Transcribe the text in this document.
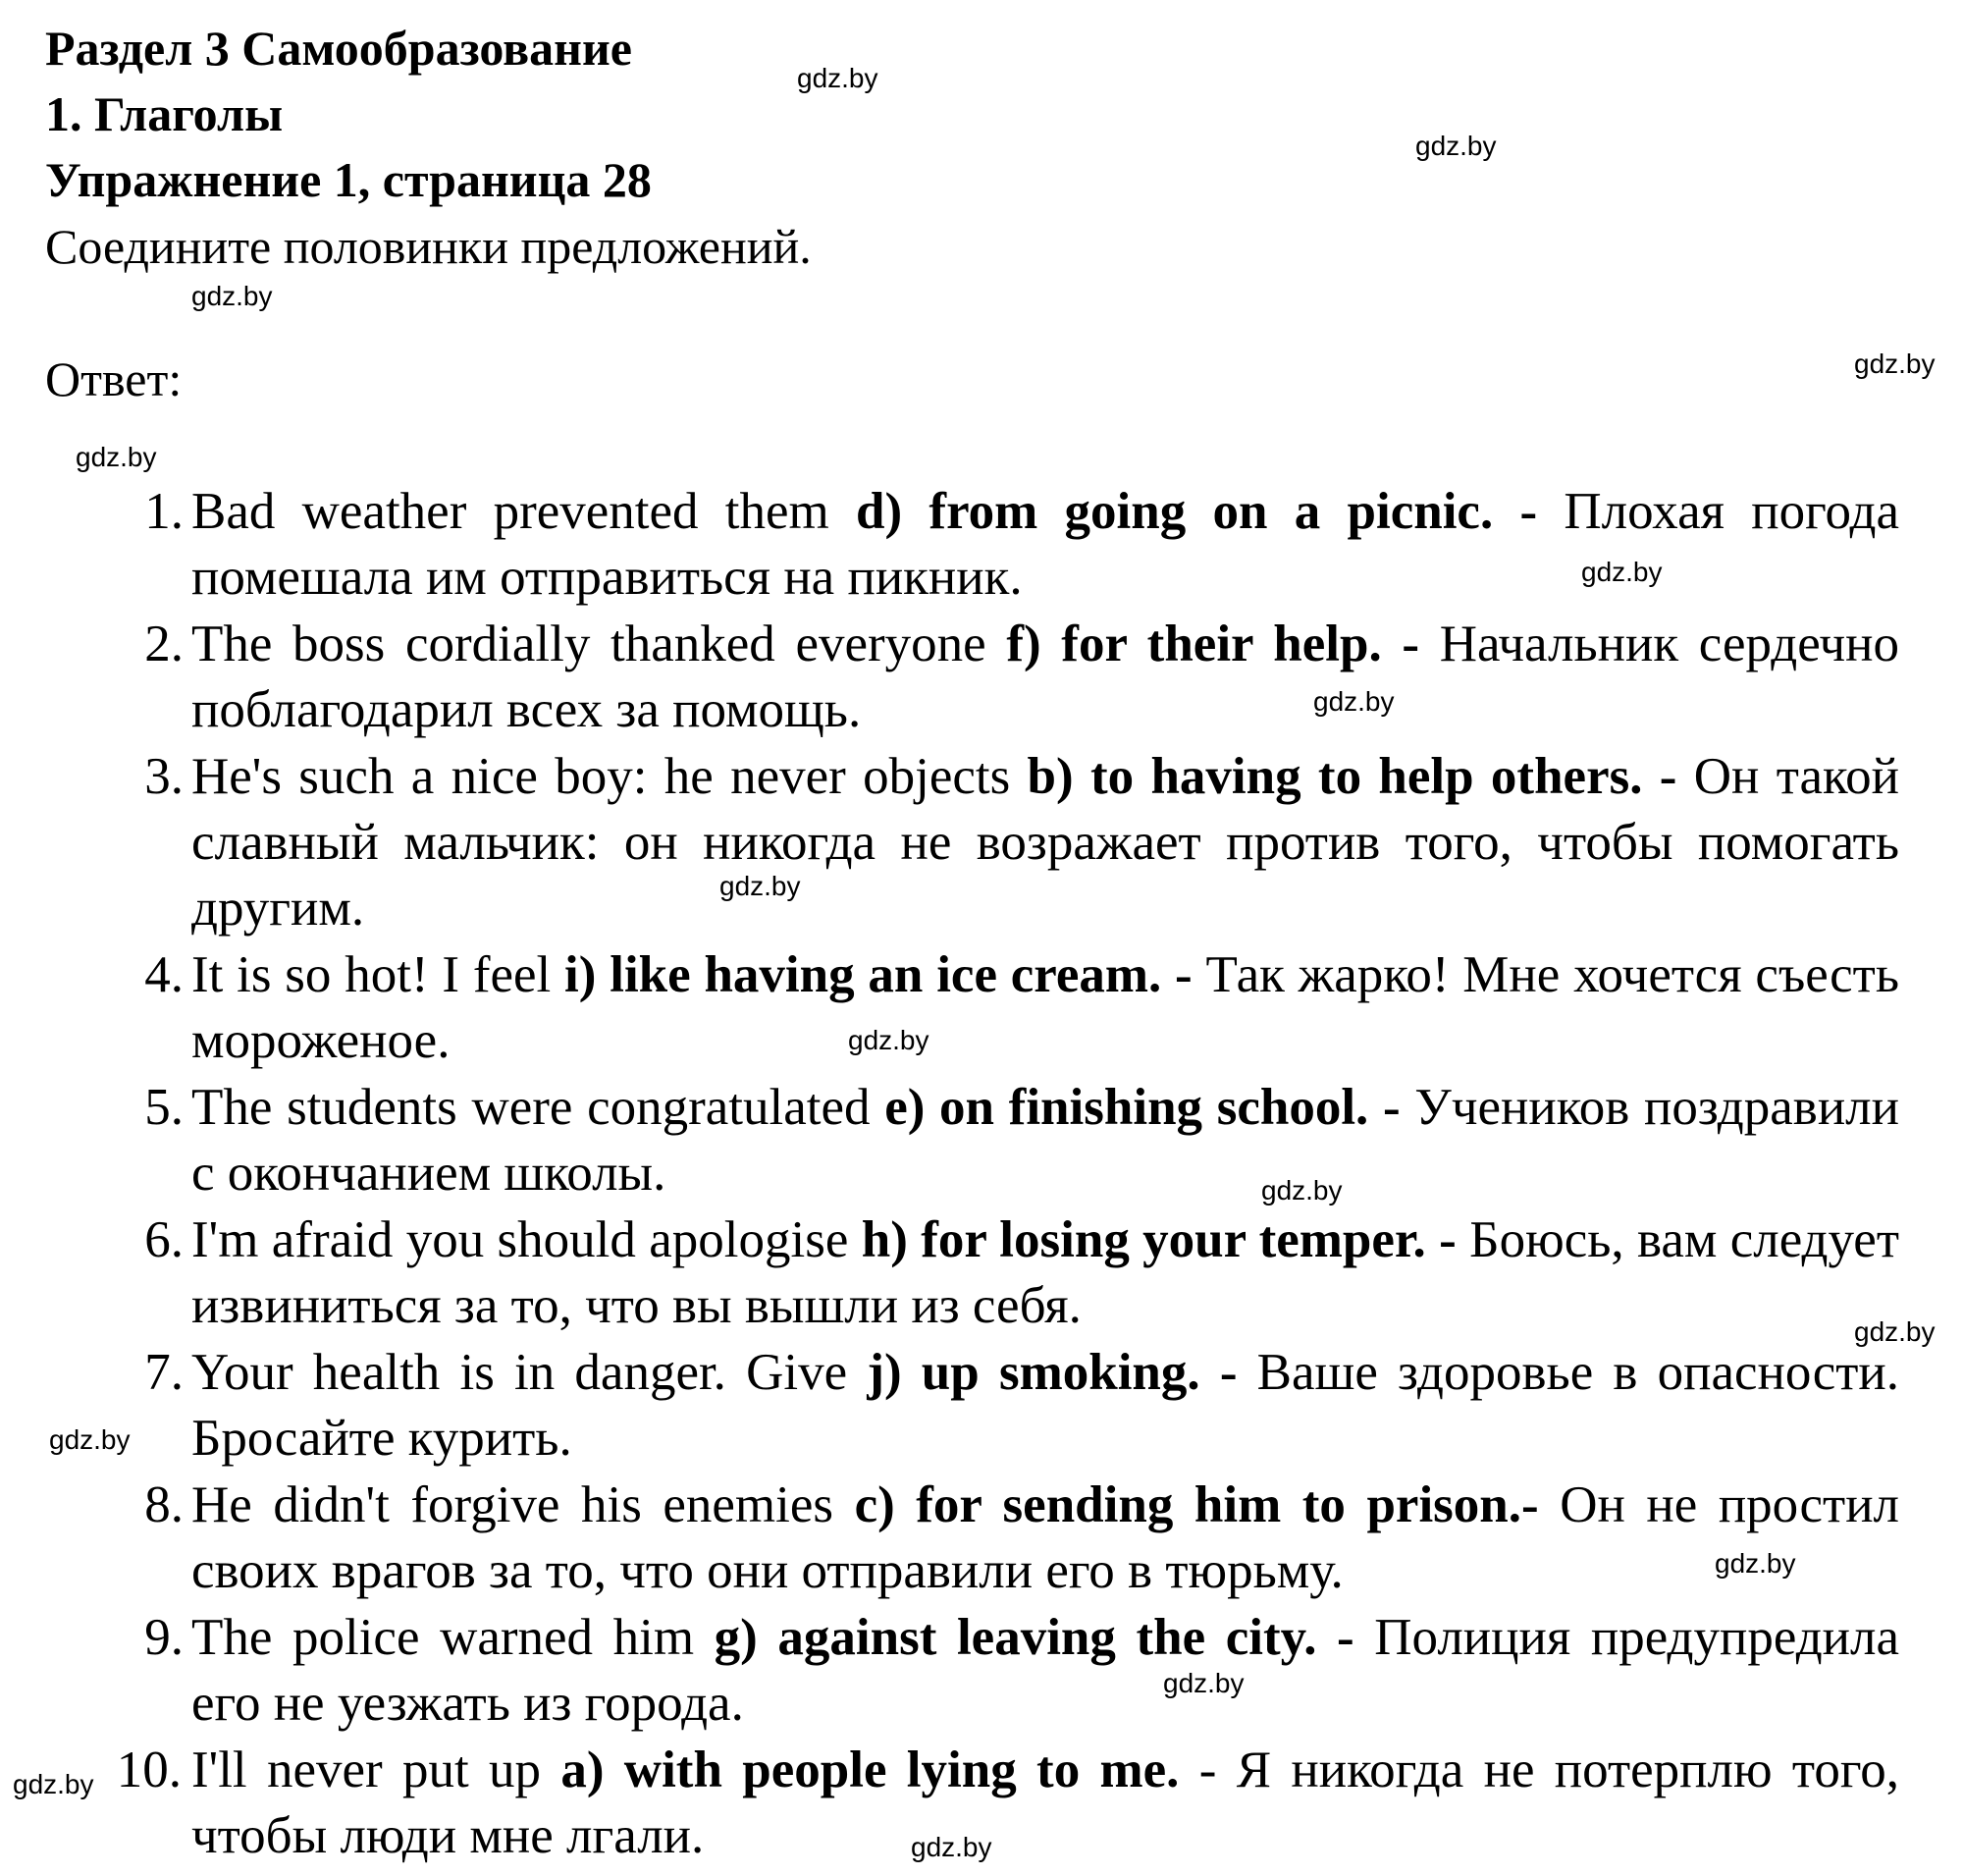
Раздел 3 Самообразование
1. Глаголы
Упражнение 1, страница 28
Соедините половинки предложений.
Ответ:
1. Bad weather prevented them d) from going on a picnic. - Плохая погода помешала им отправиться на пикник.
2. The boss cordially thanked everyone f) for their help. - Начальник сердечно поблагодарил всех за помощь.
3. He's such a nice boy: he never objects b) to having to help others. - Он такой славный мальчик: он никогда не возражает против того, чтобы помогать другим.
4. It is so hot! I feel i) like having an ice cream. - Так жарко! Мне хочется съесть мороженое.
5. The students were congratulated e) on finishing school. - Учеников поздравили с окончанием школы.
6. I'm afraid you should apologise h) for losing your temper. - Боюсь, вам следует извиниться за то, что вы вышли из себя.
7. Your health is in danger. Give j) up smoking. - Ваше здоровье в опасности. Бросайте курить.
8. He didn't forgive his enemies c) for sending him to prison.- Он не простил своих врагов за то, что они отправили его в тюрьму.
9. The police warned him g) against leaving the city. - Полиция предупредила его не уезжать из города.
10. I'll never put up a) with people lying to me. - Я никогда не потерплю того, чтобы люди мне лгали.
gdz.by
gdz.by
gdz.by
gdz.by
gdz.by
gdz.by
gdz.by
gdz.by
gdz.by
gdz.by
gdz.by
gdz.by
gdz.by
gdz.by
gdz.by
gdz.by
